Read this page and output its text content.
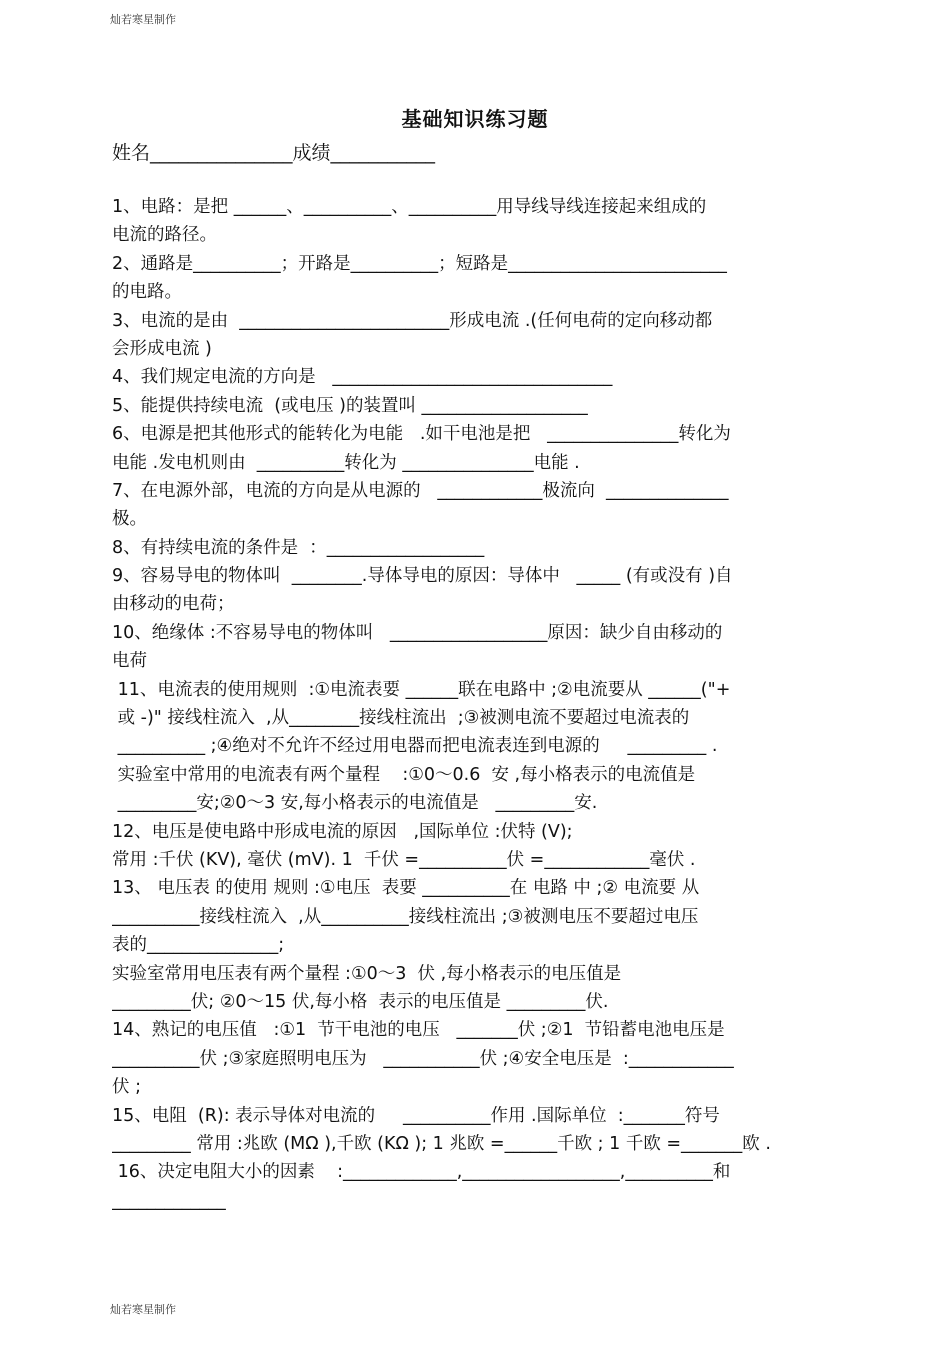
灿若寒星制作
基础知识练习题
姓名_______________成绩___________
1、电路：是把 ______、__________、__________用导线导线连接起来组成的
电流的路径。
2、通路是__________；开路是__________；短路是_________________________
的电路。
3、电流的是由  ________________________形成电流 .(任何电荷的定向移动都
会形成电流 )
4、我们规定电流的方向是   ________________________________
5、能提供持续电流  (或电压 )的装置叫 ___________________
6、电源是把其他形式的能转化为电能   .如干电池是把   _______________转化为
电能 .发电机则由  __________转化为 _______________电能 .
7、在电源外部，电流的方向是从电源的   ____________极流向  ______________
极。
8、有持续电流的条件是  ：__________________
9、容易导电的物体叫  ________.导体导电的原因：导体中   _____ (有或没有 )自
由移动的电荷；
10、绝缘体 :不容易导电的物体叫   __________________原因：缺少自由移动的
电荷
11、电流表的使用规则  :①电流表要 ______联在电路中 ;②电流要从 ______("+
或 -)" 接线柱流入  ,从________接线柱流出  ;③被测电流不要超过电流表的
__________ ;④绝对不允许不经过用电器而把电流表连到电源的     _________ .
实验室中常用的电流表有两个量程    :①0～0.6  安 ,每小格表示的电流值是
_________安;②0～3 安,每小格表示的电流值是   _________安.
12、电压是使电路中形成电流的原因   ,国际单位 :伏特 (V);
常用 :千伏 (KV), 毫伏 (mV). 1  千伏 =__________伏 =____________毫伏 .
13、 电压表 的使用 规则 :①电压  表要 __________在 电路 中 ;② 电流要 从
__________接线柱流入  ,从__________接线柱流出 ;③被测电压不要超过电压
表的_______________;
实验室常用电压表有两个量程 :①0～3  伏 ,每小格表示的电压值是
_________伏; ②0～15 伏,每小格  表示的电压值是 _________伏.
14、熟记的电压值   :①1  节干电池的电压   _______伏 ;②1  节铅蓄电池电压是
__________伏 ;③家庭照明电压为   ___________伏 ;④安全电压是  :____________
伏 ;
15、电阻  (R): 表示导体对电流的     __________作用 .国际单位  :_______符号
_________ 常用 :兆欧 (MΩ ),千欧 (KΩ ); 1 兆欧 =______千欧 ; 1 千欧 =_______欧 .
16、决定电阻大小的因素    :_____________,__________________,__________和
_____________
灿若寒星制作
